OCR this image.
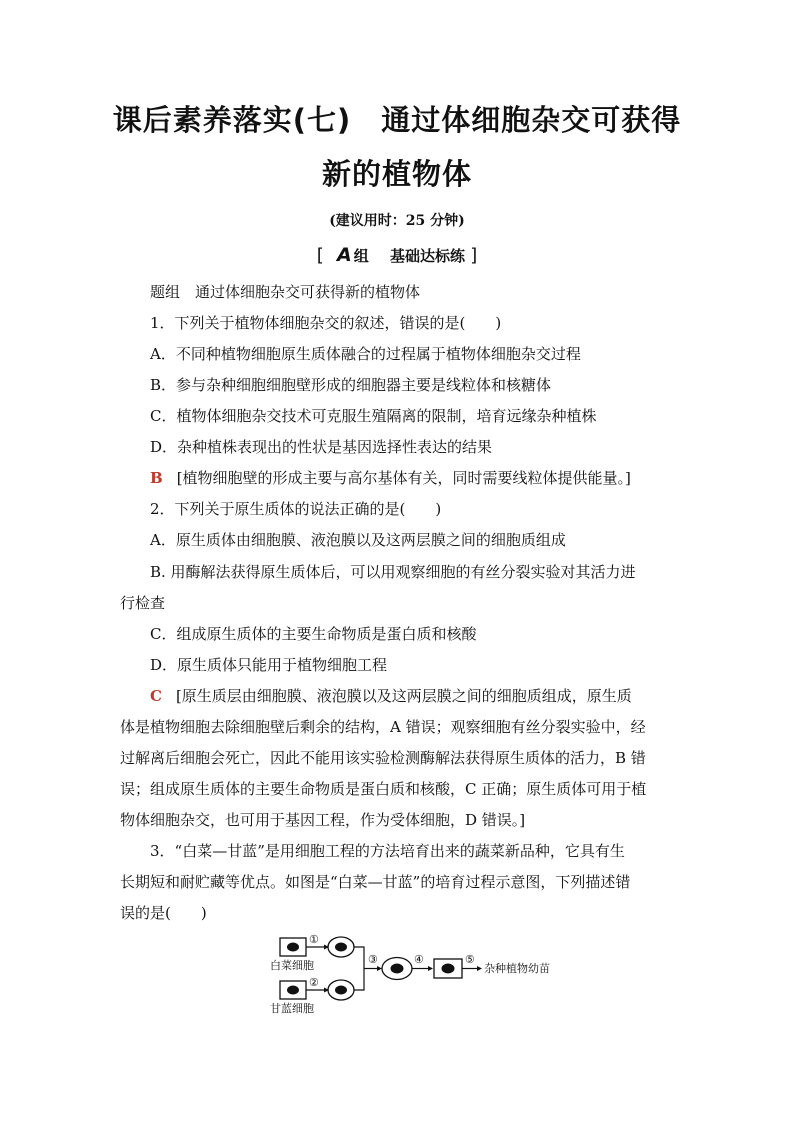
课后素养落实(七)　通过体细胞杂交可获得
新的植物体
(建议用时：25 分钟)
[ A 组 基础达标练 ]
题组　通过体细胞杂交可获得新的植物体
1．下列关于植物体细胞杂交的叙述，错误的是(　　)
A．不同种植物细胞原生质体融合的过程属于植物体细胞杂交过程
B．参与杂种细胞细胞壁形成的细胞器主要是线粒体和核糖体
C．植物体细胞杂交技术可克服生殖隔离的限制，培育远缘杂种植株
D．杂种植株表现出的性状是基因选择性表达的结果
B [植物细胞壁的形成主要与高尔基体有关，同时需要线粒体提供能量。]
2．下列关于原生质体的说法正确的是(　　)
A．原生质体由细胞膜、液泡膜以及这两层膜之间的细胞质组成
B. 用酶解法获得原生质体后，可以用观察细胞的有丝分裂实验对其活力进
行检查
C．组成原生质体的主要生命物质是蛋白质和核酸
D．原生质体只能用于植物细胞工程
C [原生质层由细胞膜、液泡膜以及这两层膜之间的细胞质组成，原生质
体是植物细胞去除细胞壁后剩余的结构，A 错误；观察细胞有丝分裂实验中，经
过解离后细胞会死亡，因此不能用该实验检测酶解法获得原生质体的活力，B 错
误；组成原生质体的主要生命物质是蛋白质和核酸，C 正确；原生质体可用于植
物体细胞杂交，也可用于基因工程，作为受体细胞，D 错误。]
3．“白菜—甘蓝”是用细胞工程的方法培育出来的蔬菜新品种，它具有生
长期短和耐贮藏等优点。如图是“白菜—甘蓝”的培育过程示意图，下列描述错
误的是(　　)
①
白菜细胞
②
甘蓝细胞
③	④	⑤
杂种植物幼苗
